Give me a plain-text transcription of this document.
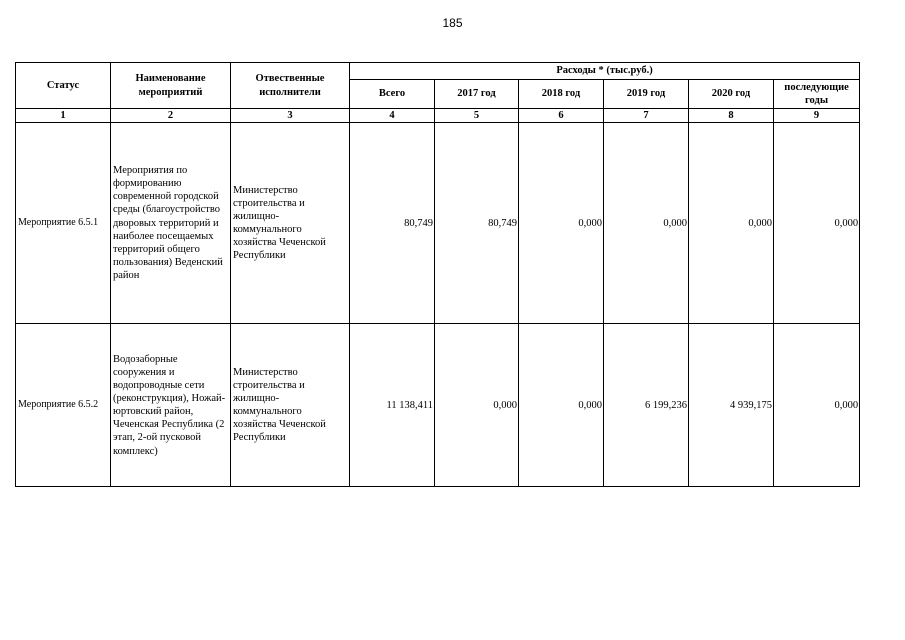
185
Статус	Наименование мероприятий	Отвественные исполнители	Расходы * (тыс.руб.)					
			Всего	2017 год	2018 год	2019 год	2020 год	последующие годы
1	2	3	4	5	6	7	8	9
Мероприятие 6.5.1	Мероприятия по формированию современной городской среды (благоустройство дворовых территорий и наиболее посещаемых территорий общего пользования) Веденский район	Министерство строительства и жилищно-коммунального хозяйства Чеченской Республики	80,749	80,749	0,000	0,000	0,000	0,000
Мероприятие 6.5.2	Водозаборные сооружения и водопроводные сети (реконструкция), Ножай-юртовский район, Чеченская Республика (2 этап, 2-ой пусковой комплекс)	Министерство строительства и жилищно-коммунального хозяйства Чеченской Республики	11 138,411	0,000	0,000	6 199,236	4 939,175	0,000
